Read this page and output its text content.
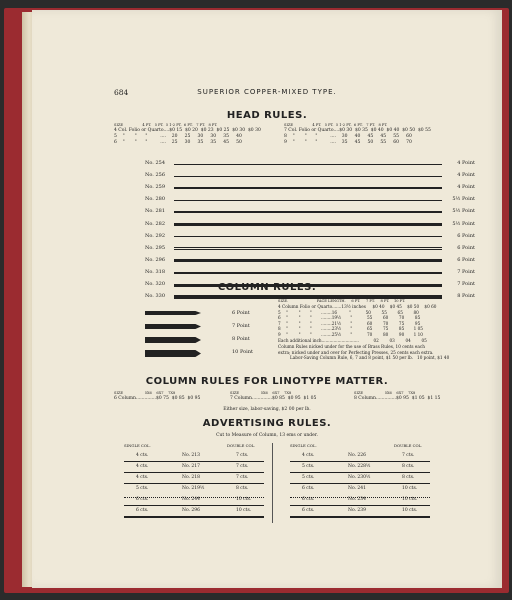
684	SUPERIOR COPPER-MIXED TYPE.
HEAD RULES.
SIZE                 4 PT.   5 PT.  5 1-2 PT.  6 PT.   7 PT.   8 PT.
4 Col. Folio or Quarto....$0 15  $0 20  $0 23  $0 25  $0 30  $0 30
5    "       "      "         ....    20     25     30     30     35     40
6    "       "      "         ....    25     30     35     35     45     50
SIZE                 4 PT.   5 PT.  5 1-2 PT.  6 PT.   7 PT.   8 PT.
7 Col. Folio or Quarto....$0 30  $0 35  $0 40  $0 40  $0 50  $0 55
8    "       "      "         ....    30     40     45     45     55     60
9    "       "      "         ....    35     45     50     55     60     70
No. 254	4 Point
No. 256	4 Point
No. 259	4 Point
No. 280	5½ Point
No. 281	5½ Point
No. 282	5½ Point
No. 292	6 Point
No. 295	6 Point
No. 296	6 Point
No. 318	7 Point
No. 320	7 Point
No. 330	8 Point
COLUMN RULES.
6 Point
7 Point
8 Point
10 Point
SIZE.                         FACE LENGTH.     6 PT.     7 PT.     8 PT.    10 PT.
4 Column Folio or Quarto.......13½ inches     $0 40    $0 45    $0 50    $0 60
5    "        "       "       ........16         "           50        55        65        80
6    "        "       "       ........19½       "           55        60        70        85
7    "        "       "       ........21½       "           60        70        75        95
8    "        "       "       ........23½       "           65        75        85       1 05
9    "        "       "       ........25½       "           70        80        90       1 10
Each additional inch............................           02        03        04        05
Column Rules nicked under for the use of Brass Rules, 10 cents each
extra; nicked under and over for Perfecting Presses, 25 cents each extra.
Labor-Saving Column Rule, 6, 7 and 8 point, $1 50 per lb.   10 point, $1 40
COLUMN RULES FOR LINOTYPE MATTER.
SIZE                   5X6    6X7    7X8
6 Column..............$0 75  $0 85  $0 95
SIZE                   5X6    6X7    7X8
7 Column..............$0 85  $0 95  $1 05
SIZE                   5X6    6X7    7X8
8 Column..............$0 95  $1 05  $1 15
Either size, labor-saving, $2 00 per lb.
ADVERTISING RULES.
Cut to Measure of Column, 13 ems or under.
SINGLE COL.	DOUBLE COL.	SINGLE COL.	DOUBLE COL.
4 cts.	No. 213	7 cts.
4 cts.	No. 217	7 cts.
4 cts.	No. 218	7 cts.
5 cts.	No. 219½	8 cts.
6 cts.	No. 244	10 cts.
6 cts.	No. 296	10 cts.
4 cts.	No. 226	7 cts.
5 cts.	No. 228½	8 cts.
5 cts.	No. 230½	8 cts.
6 cts.	No. 241	10 cts.
6 cts.	No. 234	10 cts.
6 cts.	No. 239	10 cts.
